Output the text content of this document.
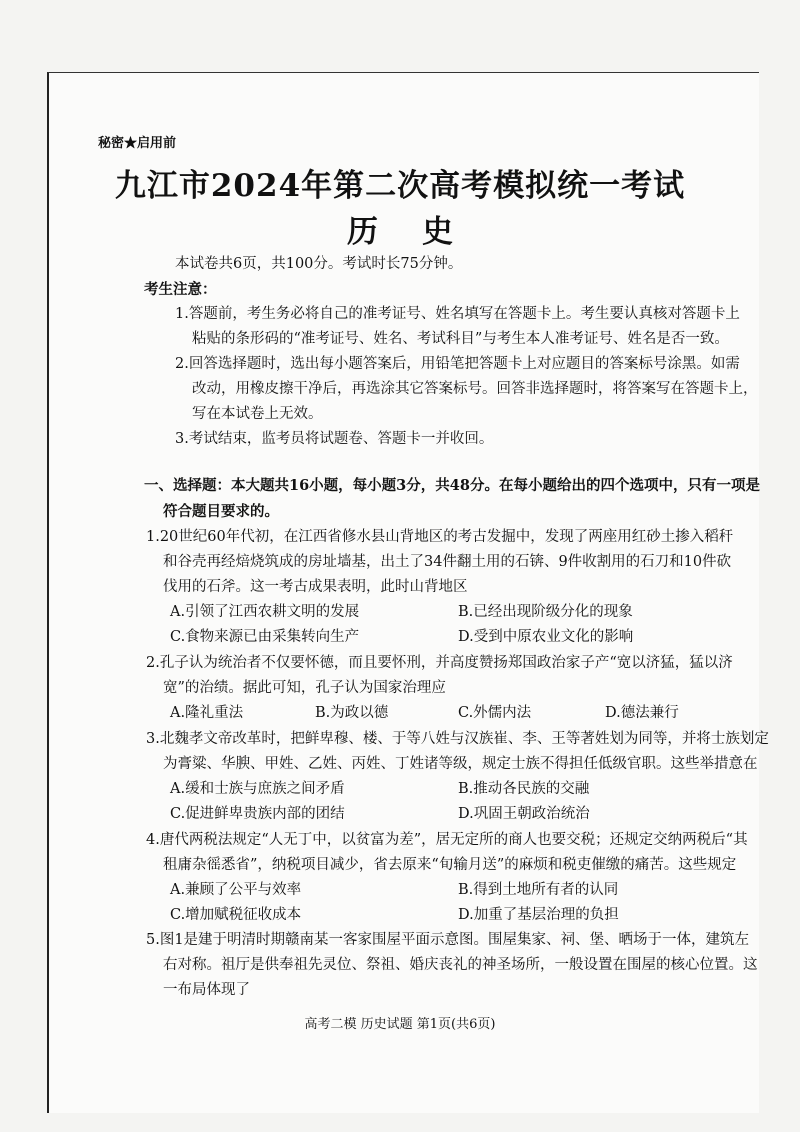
秘密★启用前
九江市2024年第二次高考模拟统一考试
历史
本试卷共6页，共100分。考试时长75分钟。
考生注意：
1.答题前，考生务必将自己的准考证号、姓名填写在答题卡上。考生要认真核对答题卡上
粘贴的条形码的“准考证号、姓名、考试科目”与考生本人准考证号、姓名是否一致。
2.回答选择题时，选出每小题答案后，用铅笔把答题卡上对应题目的答案标号涂黑。如需
改动，用橡皮擦干净后，再选涂其它答案标号。回答非选择题时，将答案写在答题卡上，
写在本试卷上无效。
3.考试结束，监考员将试题卷、答题卡一并收回。
一、选择题：本大题共16小题，每小题3分，共48分。在每小题给出的四个选项中，只有一项是
符合题目要求的。
1.20世纪60年代初，在江西省修水县山背地区的考古发掘中，发现了两座用红砂土掺入稻秆
和谷壳再经焙烧筑成的房址墙基，出土了34件翻土用的石锛、9件收割用的石刀和10件砍
伐用的石斧。这一考古成果表明，此时山背地区
A.引领了江西农耕文明的发展	B.已经出现阶级分化的现象
C.食物来源已由采集转向生产	D.受到中原农业文化的影响
2.孔子认为统治者不仅要怀德，而且要怀刑，并高度赞扬郑国政治家子产“宽以济猛，猛以济
宽”的治绩。据此可知，孔子认为国家治理应
A.隆礼重法	B.为政以德	C.外儒内法	D.德法兼行
3.北魏孝文帝改革时，把鲜卑穆、楼、于等八姓与汉族崔、李、王等著姓划为同等，并将士族划定
为膏粱、华腴、甲姓、乙姓、丙姓、丁姓诸等级，规定士族不得担任低级官职。这些举措意在
A.缓和士族与庶族之间矛盾	B.推动各民族的交融
C.促进鲜卑贵族内部的团结	D.巩固王朝政治统治
4.唐代两税法规定“人无丁中，以贫富为差”，居无定所的商人也要交税；还规定交纳两税后“其
租庸杂徭悉省”，纳税项目减少，省去原来“旬输月送”的麻烦和税吏催缴的痛苦。这些规定
A.兼顾了公平与效率	B.得到土地所有者的认同
C.增加赋税征收成本	D.加重了基层治理的负担
5.图1是建于明清时期赣南某一客家围屋平面示意图。围屋集家、祠、堡、晒场于一体，建筑左
右对称。祖厅是供奉祖先灵位、祭祖、婚庆丧礼的神圣场所，一般设置在围屋的核心位置。这
一布局体现了
高考二模 历史试题 第1页(共6页)
